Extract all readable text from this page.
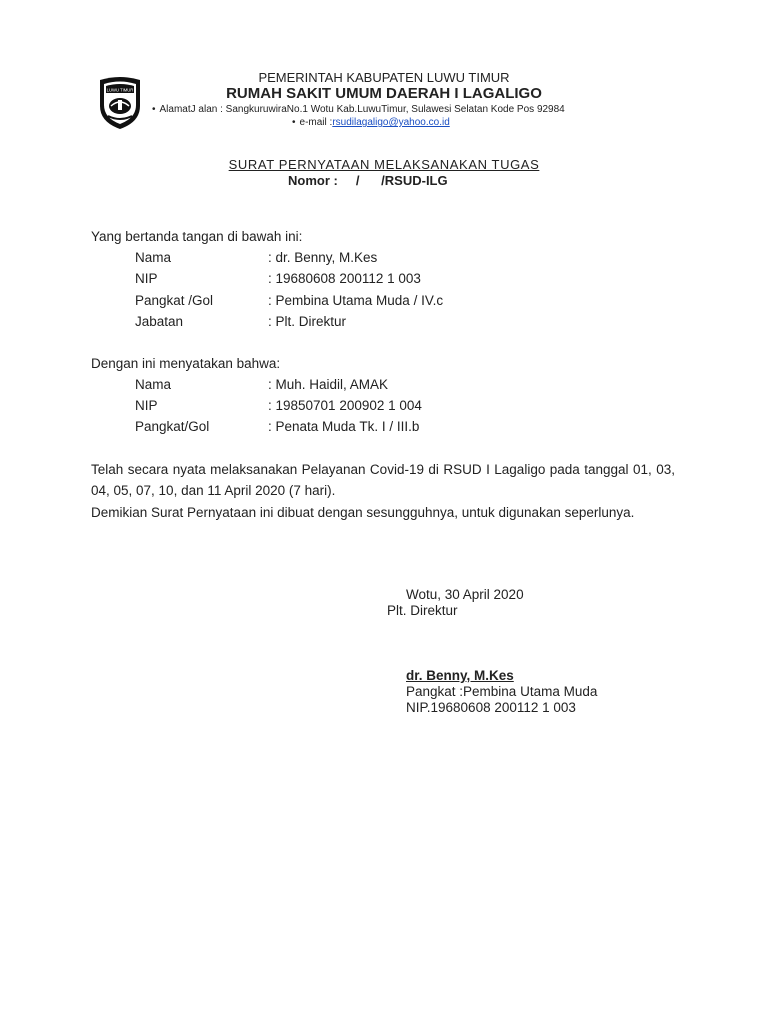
LUWU TIMUR
PEMERINTAH KABUPATEN LUWU TIMUR
RUMAH SAKIT UMUM DAERAH I LAGALIGO
• AlamatJ alan : SangkuruwiraNo.1 Wotu Kab.LuwuTimur, Sulawesi Selatan Kode Pos 92984
• e-mail :rsudilagaligo@yahoo.co.id
SURAT PERNYATAAN MELAKSANAKAN TUGAS
Nomor :     /      /RSUD-ILG
Yang bertanda tangan di bawah ini:
Nama	: dr. Benny, M.Kes
NIP	: 19680608 200112 1 003
Pangkat /Gol	: Pembina Utama Muda / IV.c
Jabatan	: Plt. Direktur
Dengan ini menyatakan bahwa:
Nama	: Muh. Haidil, AMAK
NIP	: 19850701 200902 1 004
Pangkat/Gol	: Penata Muda Tk. I / III.b
Telah secara nyata melaksanakan Pelayanan Covid-19 di RSUD I Lagaligo pada tanggal 01, 03, 04, 05, 07, 10, dan 11 April 2020 (7 hari).
Demikian Surat Pernyataan ini dibuat dengan sesungguhnya, untuk digunakan seperlunya.
Wotu, 30 April 2020
Plt. Direktur
dr. Benny, M.Kes
Pangkat :Pembina Utama Muda
NIP.19680608 200112 1 003
